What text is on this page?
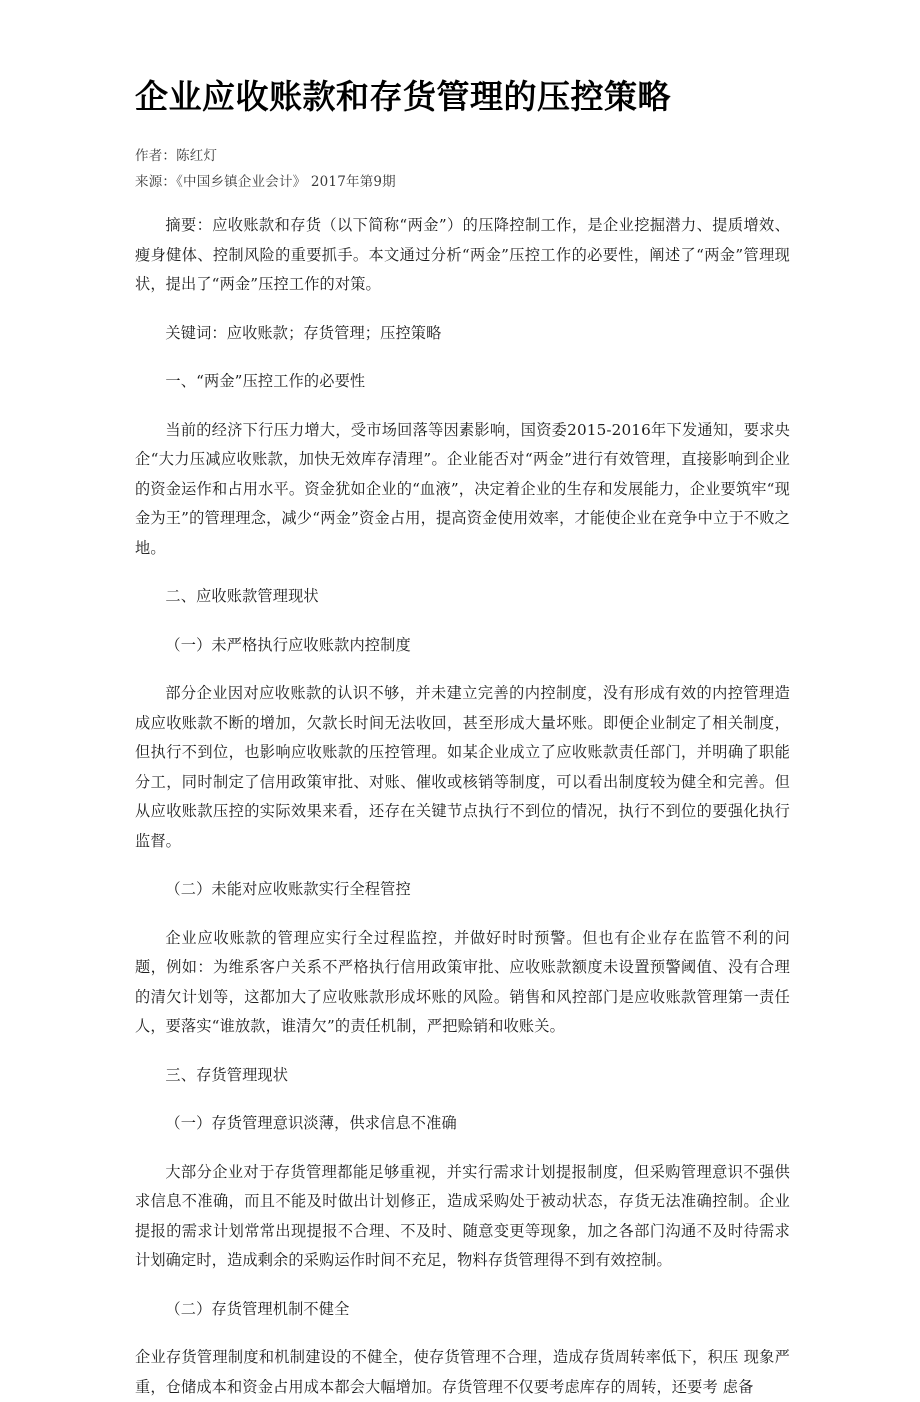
企业应收账款和存货管理的压控策略
作者：陈红灯
来源：《中国乡镇企业会计》 2017年第9期

摘要：应收账款和存货（以下简称“两金”）的压降控制工作，是企业挖掘潜力、提质增效、瘦身健体、控制风险的重要抓手。本文通过分析“两金”压控工作的必要性，阐述了“两金”管理现状，提出了“两金”压控工作的对策。

关键词：应收账款；存货管理；压控策略

一、“两金”压控工作的必要性

当前的经济下行压力增大，受市场回落等因素影响，国资委2015-2016年下发通知，要求央企“大力压减应收账款，加快无效库存清理”。企业能否对“两金”进行有效管理，直接影响到企业的资金运作和占用水平。资金犹如企业的“血液”，决定着企业的生存和发展能力，企业要筑牢“现金为王”的管理理念，减少“两金”资金占用，提高资金使用效率，才能使企业在竞争中立于不败之地。

二、应收账款管理现状

（一）未严格执行应收账款内控制度

部分企业因对应收账款的认识不够，并未建立完善的内控制度，没有形成有效的内控管理造成应收账款不断的增加，欠款长时间无法收回，甚至形成大量坏账。即便企业制定了相关制度，但执行不到位，也影响应收账款的压控管理。如某企业成立了应收账款责任部门，并明确了职能分工，同时制定了信用政策审批、对账、催收或核销等制度，可以看出制度较为健全和完善。但从应收账款压控的实际效果来看，还存在关键节点执行不到位的情况，执行不到位的要强化执行监督。

（二）未能对应收账款实行全程管控

企业应收账款的管理应实行全过程监控，并做好时时预警。但也有企业存在监管不利的问题，例如：为维系客户关系不严格执行信用政策审批、应收账款额度未设置预警阈值、没有合理的清欠计划等，这都加大了应收账款形成坏账的风险。销售和风控部门是应收账款管理第一责任人，要落实“谁放款，谁清欠”的责任机制，严把赊销和收账关。

三、存货管理现状

（一）存货管理意识淡薄，供求信息不准确

大部分企业对于存货管理都能足够重视，并实行需求计划提报制度，但采购管理意识不强供求信息不准确，而且不能及时做出计划修正，造成采购处于被动状态，存货无法准确控制。企业提报的需求计划常常出现提报不合理、不及时、随意变更等现象，加之各部门沟通不及时待需求计划确定时，造成剩余的采购运作时间不充足，物料存货管理得不到有效控制。

（二）存货管理机制不健全

企业存货管理制度和机制建设的不健全，使存货管理不合理，造成存货周转率低下，积压 现象严重，仓储成本和资金占用成本都会大幅增加。存货管理不仅要考虑库存的周转，还要考 虑备
